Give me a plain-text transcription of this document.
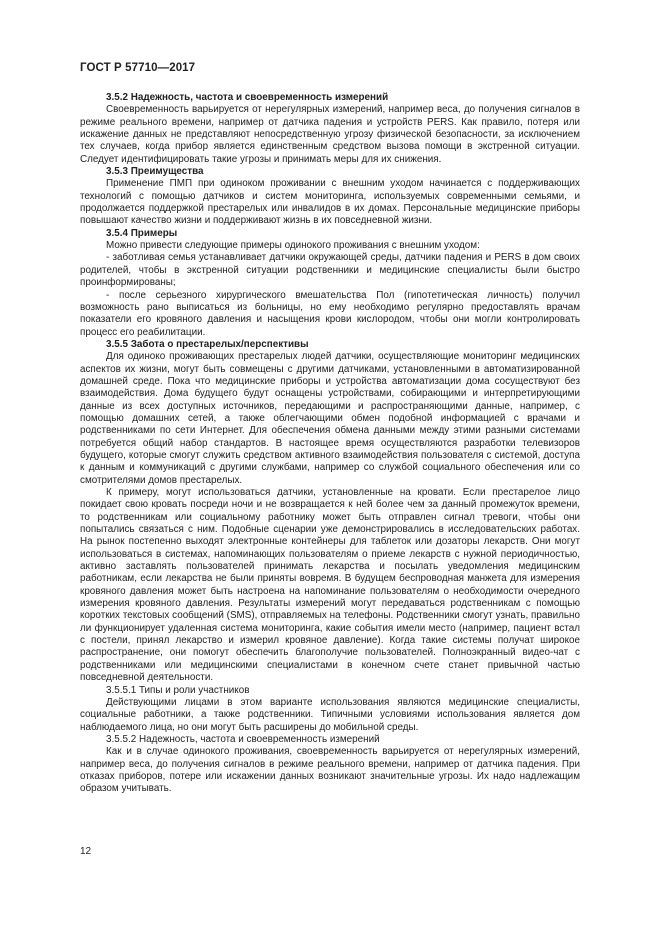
ГОСТ Р 57710—2017
3.5.2 Надежность, частота и своевременность измерений

Своевременность варьируется от нерегулярных измерений, например веса, до получения сигналов в режиме реального времени, например от датчика падения и устройств PERS. Как правило, потеря или искажение данных не представляют непосредственную угрозу физической безопасности, за исключением тех случаев, когда прибор является единственным средством вызова помощи в экстренной ситуации. Следует идентифицировать такие угрозы и принимать меры для их снижения.

3.5.3 Преимущества

Применение ПМП при одиноком проживании с внешним уходом начинается с поддерживающих технологий с помощью датчиков и систем мониторинга, используемых современными семьями, и продолжается поддержкой престарелых или инвалидов в их домах. Персональные медицинские приборы повышают качество жизни и поддерживают жизнь в их повседневной жизни.

3.5.4 Примеры

Можно привести следующие примеры одинокого проживания с внешним уходом:

- заботливая семья устанавливает датчики окружающей среды, датчики падения и PERS в дом своих родителей, чтобы в экстренной ситуации родственники и медицинские специалисты были быстро проинформированы;

- после серьезного хирургического вмешательства Пол (гипотетическая личность) получил возможность рано выписаться из больницы, но ему необходимо регулярно предоставлять врачам показатели его кровяного давления и насыщения крови кислородом, чтобы они могли контролировать процесс его реабилитации.

3.5.5 Забота о престарелых/перспективы

Для одиноко проживающих престарелых людей датчики, осуществляющие мониторинг медицинских аспектов их жизни, могут быть совмещены с другими датчиками, установленными в автоматизированной домашней среде. Пока что медицинские приборы и устройства автоматизации дома сосуществуют без взаимодействия. Дома будущего будут оснащены устройствами, собирающими и интерпретирующими данные из всех доступных источников, передающими и распространяющими данные, например, с помощью домашних сетей, а также облегчающими обмен подобной информацией с врачами и родственниками по сети Интернет. Для обеспечения обмена данными между этими разными системами потребуется общий набор стандартов. В настоящее время осуществляются разработки телевизоров будущего, которые смогут служить средством активного взаимодействия пользователя с системой, доступа к данным и коммуникаций с другими службами, например со службой социального обеспечения или со смотрителями домов престарелых.

К примеру, могут использоваться датчики, установленные на кровати. Если престарелое лицо покидает свою кровать посреди ночи и не возвращается к ней более чем за данный промежуток времени, то родственникам или социальному работнику может быть отправлен сигнал тревоги, чтобы они попытались связаться с ним. Подобные сценарии уже демонстрировались в исследовательских работах. На рынок постепенно выходят электронные контейнеры для таблеток или дозаторы лекарств. Они могут использоваться в системах, напоминающих пользователям о приеме лекарств с нужной периодичностью, активно заставлять пользователей принимать лекарства и посылать уведомления медицинским работникам, если лекарства не были приняты вовремя. В будущем беспроводная манжета для измерения кровяного давления может быть настроена на напоминание пользователям о необходимости очередного измерения кровяного давления. Результаты измерений могут передаваться родственникам с помощью коротких текстовых сообщений (SMS), отправляемых на телефоны. Родственники смогут узнать, правильно ли функционирует удаленная система мониторинга, какие события имели место (например, пациент встал с постели, принял лекарство и измерил кровяное давление). Когда такие системы получат широкое распространение, они помогут обеспечить благополучие пользователей. Полноэкранный видео-чат с родственниками или медицинскими специалистами в конечном счете станет привычной частью повседневной деятельности.

3.5.5.1 Типы и роли участников

Действующими лицами в этом варианте использования являются медицинские специалисты, социальные работники, а также родственники. Типичными условиями использования является дом наблюдаемого лица, но они могут быть расширены до мобильной среды.

3.5.5.2 Надежность, частота и своевременность измерений

Как и в случае одинокого проживания, своевременность варьируется от нерегулярных измерений, например веса, до получения сигналов в режиме реального времени, например от датчика падения. При отказах приборов, потере или искажении данных возникают значительные угрозы. Их надо надлежащим образом учитывать.

12
